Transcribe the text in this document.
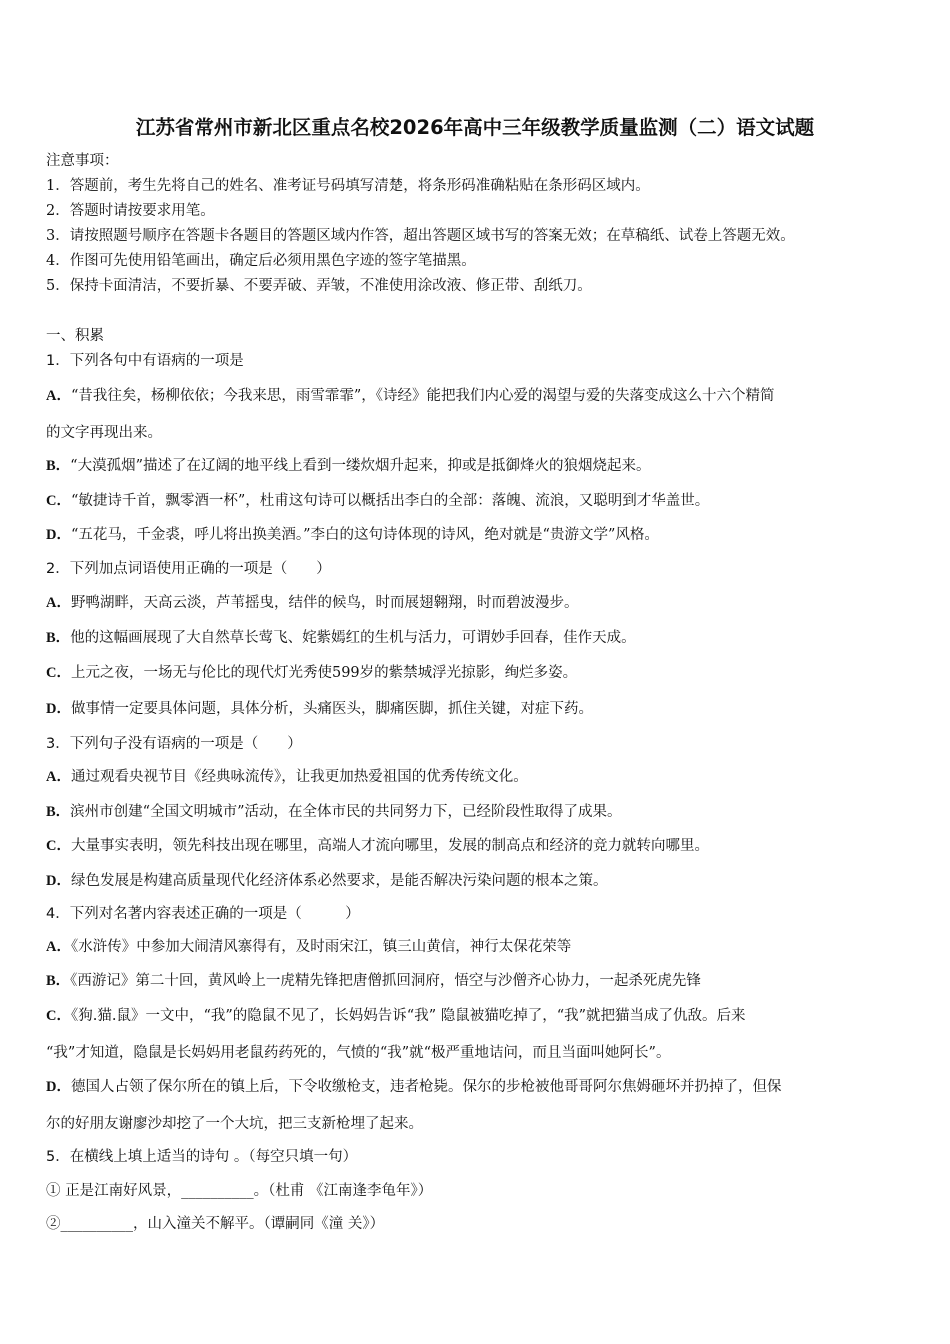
江苏省常州市新北区重点名校2026年高中三年级教学质量监测（二）语文试题
注意事项：
1．答题前，考生先将自己的姓名、准考证号码填写清楚，将条形码准确粘贴在条形码区域内。
2．答题时请按要求用笔。
3．请按照题号顺序在答题卡各题目的答题区域内作答，超出答题区域书写的答案无效；在草稿纸、试卷上答题无效。
4．作图可先使用铅笔画出，确定后必须用黑色字迹的签字笔描黑。
5．保持卡面清洁，不要折暴、不要弄破、弄皱，不准使用涂改液、修正带、刮纸刀。
一、积累
1．下列各句中有语病的一项是
A．“昔我往矣，杨柳依依；今我来思，雨雪霏霏”，《诗经》能把我们内心爱的渴望与爱的失落变成这么十六个精简
的文字再现出来。
B．“大漠孤烟”描述了在辽阔的地平线上看到一缕炊烟升起来，抑或是抵御烽火的狼烟烧起来。
C．“敏捷诗千首，飘零酒一杯”，杜甫这句诗可以概括出李白的全部：落魄、流浪，又聪明到才华盖世。
D．“五花马，千金裘，呼儿将出换美酒。”李白的这句诗体现的诗风，绝对就是“贵游文学”风格。
2．下列加点词语使用正确的一项是（　　）
A．野鸭湖畔，天高云淡，芦苇摇曳，结伴的候鸟，时而展翅翱翔，时而碧波漫步。
B．他的这幅画展现了大自然草长莺飞、姹紫嫣红的生机与活力，可谓妙手回春，佳作天成。
C．上元之夜，一场无与伦比的现代灯光秀使599岁的紫禁城浮光掠影，绚烂多姿。
D．做事情一定要具体问题，具体分析，头痛医头，脚痛医脚，抓住关键，对症下药。
3．下列句子没有语病的一项是（　　）
A．通过观看央视节目《经典咏流传》，让我更加热爱祖国的优秀传统文化。
B．滨州市创建“全国文明城市”活动，在全体市民的共同努力下，已经阶段性取得了成果。
C．大量事实表明，领先科技出现在哪里，高端人才流向哪里，发展的制高点和经济的竞力就转向哪里。
D．绿色发展是构建高质量现代化经济体系必然要求，是能否解决污染问题的根本之策。
4．下列对名著内容表述正确的一项是（　　　）
A．《水浒传》中参加大闹清风寨得有，及时雨宋江，镇三山黄信，神行太保花荣等
B．《西游记》第二十回，黄风岭上一虎精先锋把唐僧抓回洞府，悟空与沙僧齐心协力，一起杀死虎先锋
C．《狗.猫.鼠》一文中，“我”的隐鼠不见了，长妈妈告诉“我” 隐鼠被猫吃掉了，“我”就把猫当成了仇敌。后来
“我”才知道，隐鼠是长妈妈用老鼠药药死的，气愤的“我”就“极严重地诘问，而且当面叫她阿长”。
D．德国人占领了保尔所在的镇上后，下令收缴枪支，违者枪毙。保尔的步枪被他哥哥阿尔焦姆砸坏并扔掉了，但保
尔的好朋友谢廖沙却挖了一个大坑，把三支新枪埋了起来。
5．在横线上填上适当的诗句 。（每空只填一句）
① 正是江南好风景，__________。（杜甫 《江南逢李龟年》）
②__________，山入潼关不解平。（谭嗣同《潼 关》）
